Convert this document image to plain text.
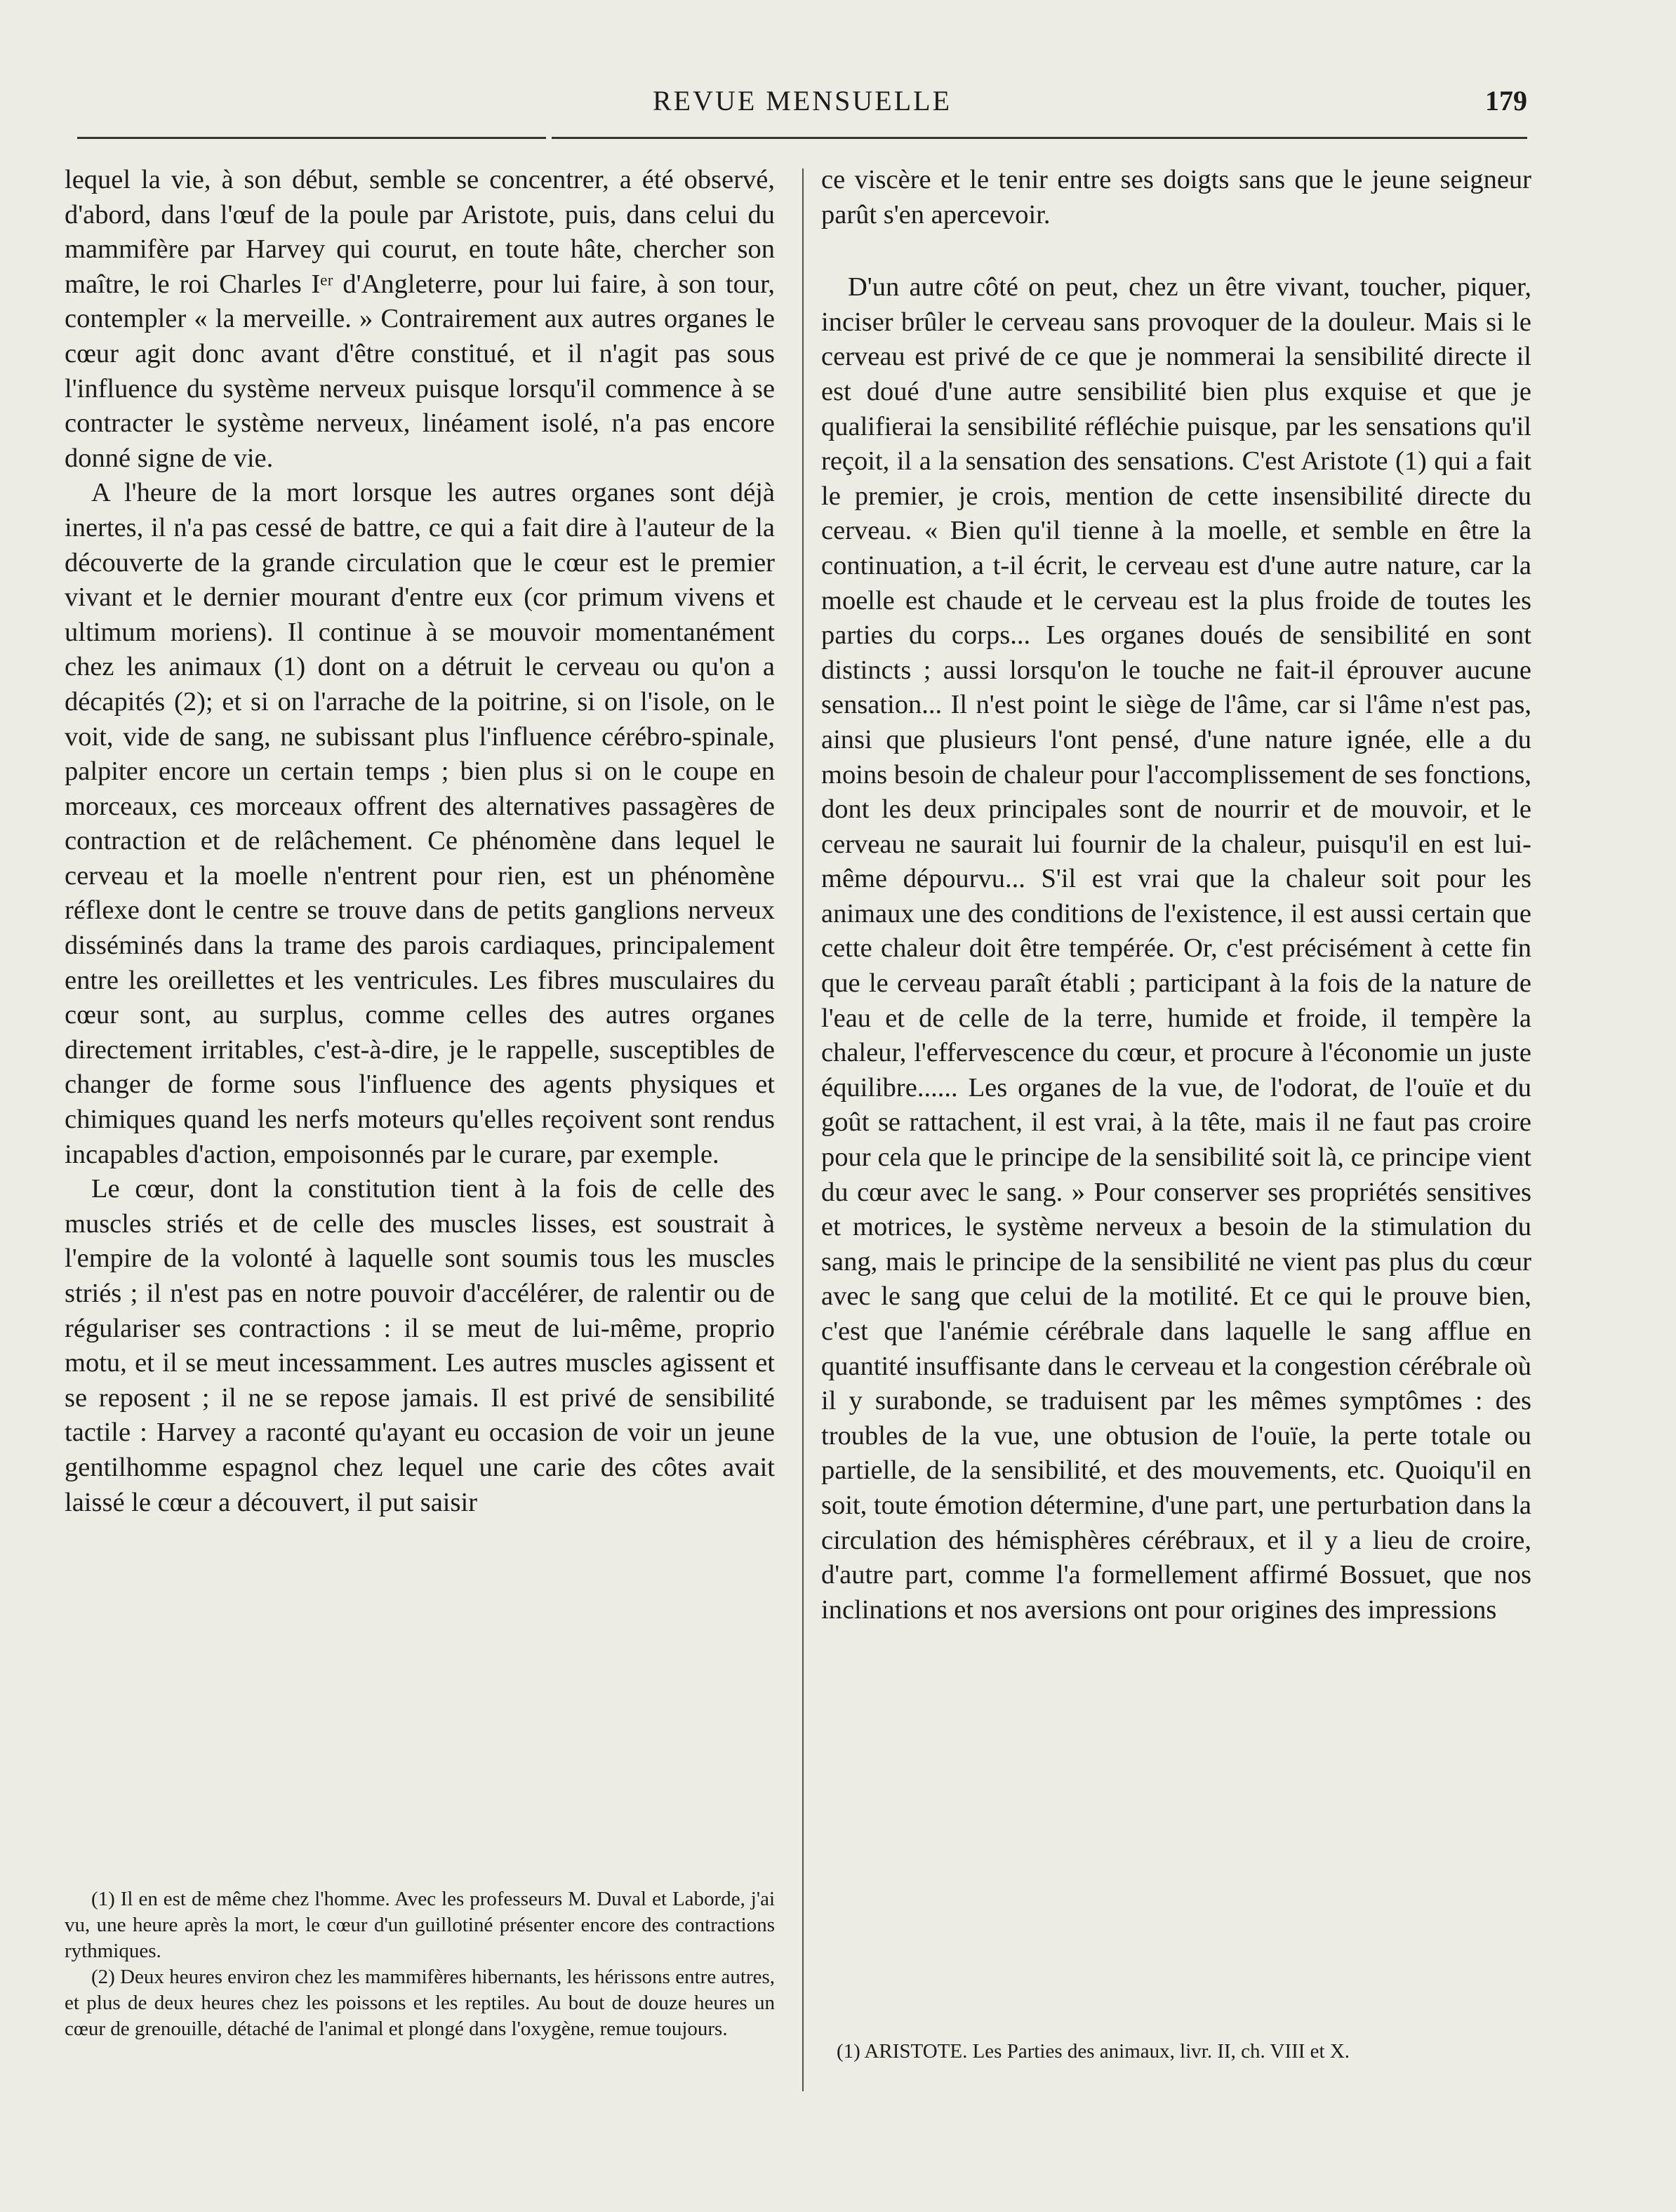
REVUE MENSUELLE	179

lequel la vie, à son début, semble se concentrer, a été observé, d'abord, dans l'œuf de la poule par Aristote, puis, dans celui du mammifère par Harvey qui courut, en toute hâte, chercher son maître, le roi Charles Iᵉʳ d'Angleterre, pour lui faire, à son tour, contempler « la merveille. » Contrairement aux autres organes le cœur agit donc avant d'être constitué, et il n'agit pas sous l'influence du système nerveux puisque lorsqu'il commence à se contracter le système nerveux, linéament isolé, n'a pas encore donné signe de vie.

A l'heure de la mort lorsque les autres organes sont déjà inertes, il n'a pas cessé de battre, ce qui a fait dire à l'auteur de la découverte de la grande circulation que le cœur est le premier vivant et le dernier mourant d'entre eux (cor primum vivens et ultimum moriens). Il continue à se mouvoir momentanément chez les animaux (1) dont on a détruit le cerveau ou qu'on a décapités (2); et si on l'arrache de la poitrine, si on l'isole, on le voit, vide de sang, ne subissant plus l'influence cérébro-spinale, palpiter encore un certain temps ; bien plus si on le coupe en morceaux, ces morceaux offrent des alternatives passagères de contraction et de relâchement. Ce phénomène dans lequel le cerveau et la moelle n'entrent pour rien, est un phénomène réflexe dont le centre se trouve dans de petits ganglions nerveux disséminés dans la trame des parois cardiaques, principalement entre les oreillettes et les ventricules. Les fibres musculaires du cœur sont, au surplus, comme celles des autres organes directement irritables, c'est-à-dire, je le rappelle, susceptibles de changer de forme sous l'influence des agents physiques et chimiques quand les nerfs moteurs qu'elles reçoivent sont rendus incapables d'action, empoisonnés par le curare, par exemple.

Le cœur, dont la constitution tient à la fois de celle des muscles striés et de celle des muscles lisses, est soustrait à l'empire de la volonté à laquelle sont soumis tous les muscles striés ; il n'est pas en notre pouvoir d'accélérer, de ralentir ou de régulariser ses contractions : il se meut de lui-même, proprio motu, et il se meut incessamment. Les autres muscles agissent et se reposent ; il ne se repose jamais. Il est privé de sensibilité tactile : Harvey a raconté qu'ayant eu occasion de voir un jeune gentilhomme espagnol chez lequel une carie des côtes avait laissé le cœur a découvert, il put saisir

ce viscère et le tenir entre ses doigts sans que le jeune seigneur parût s'en apercevoir.

D'un autre côté on peut, chez un être vivant, toucher, piquer, inciser brûler le cerveau sans provoquer de la douleur. Mais si le cerveau est privé de ce que je nommerai la sensibilité directe il est doué d'une autre sensibilité bien plus exquise et que je qualifierai la sensibilité réfléchie puisque, par les sensations qu'il reçoit, il a la sensation des sensations. C'est Aristote (1) qui a fait le premier, je crois, mention de cette insensibilité directe du cerveau. « Bien qu'il tienne à la moelle, et semble en être la continuation, a t-il écrit, le cerveau est d'une autre nature, car la moelle est chaude et le cerveau est la plus froide de toutes les parties du corps... Les organes doués de sensibilité en sont distincts ; aussi lorsqu'on le touche ne fait-il éprouver aucune sensation... Il n'est point le siège de l'âme, car si l'âme n'est pas, ainsi que plusieurs l'ont pensé, d'une nature ignée, elle a du moins besoin de chaleur pour l'accomplissement de ses fonctions, dont les deux principales sont de nourrir et de mouvoir, et le cerveau ne saurait lui fournir de la chaleur, puisqu'il en est lui-même dépourvu... S'il est vrai que la chaleur soit pour les animaux une des conditions de l'existence, il est aussi certain que cette chaleur doit être tempérée. Or, c'est précisément à cette fin que le cerveau paraît établi ; participant à la fois de la nature de l'eau et de celle de la terre, humide et froide, il tempère la chaleur, l'effervescence du cœur, et procure à l'économie un juste équilibre...... Les organes de la vue, de l'odorat, de l'ouïe et du goût se rattachent, il est vrai, à la tête, mais il ne faut pas croire pour cela que le principe de la sensibilité soit là, ce principe vient du cœur avec le sang. » Pour conserver ses propriétés sensitives et motrices, le système nerveux a besoin de la stimulation du sang, mais le principe de la sensibilité ne vient pas plus du cœur avec le sang que celui de la motilité. Et ce qui le prouve bien, c'est que l'anémie cérébrale dans laquelle le sang afflue en quantité insuffisante dans le cerveau et la congestion cérébrale où il y surabonde, se traduisent par les mêmes symptômes : des troubles de la vue, une obtusion de l'ouïe, la perte totale ou partielle, de la sensibilité, et des mouvements, etc. Quoiqu'il en soit, toute émotion détermine, d'une part, une perturbation dans la circulation des hémisphères cérébraux, et il y a lieu de croire, d'autre part, comme l'a formellement affirmé Bossuet, que nos inclinations et nos aversions ont pour origines des impressions

(1) Il en est de même chez l'homme. Avec les professeurs M. Duval et Laborde, j'ai vu, une heure après la mort, le cœur d'un guillotiné présenter encore des contractions rythmiques.

(2) Deux heures environ chez les mammifères hibernants, les hérissons entre autres, et plus de deux heures chez les poissons et les reptiles. Au bout de douze heures un cœur de grenouille, détaché de l'animal et plongé dans l'oxygène, remue toujours.

(1) ARISTOTE. Les Parties des animaux, livr. II, ch. VIII et X.
